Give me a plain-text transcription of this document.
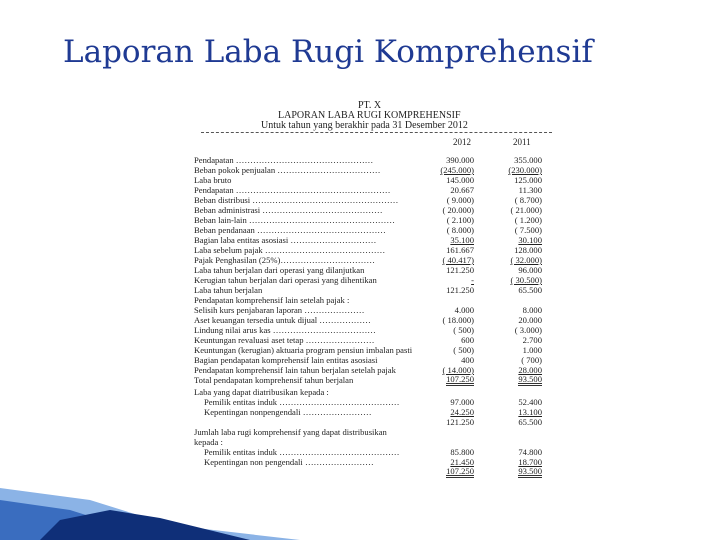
Laporan Laba Rugi Komprehensif
PT. X
LAPORAN LABA RUGI KOMPREHENSIF
Untuk tahun yang berakhir pada 31 Desember 2012
2012	2011
Pendapatan …………………………………………	390.000	355.000
Beban pokok penjualan ………………………………	(245.000)	(230.000)
Laba bruto	145.000	125.000
Pendapatan ………………………………………………	20.667	11.300
Beban distribusi ……………………………………………	( 9.000)	( 8.700)
Beban administrasi ……………………………………	( 20.000)	( 21.000)
Beban lain-lain ……………………………………………	( 2.100)	( 1.200)
Beban pendanaan ………………………………………	( 8.000)	( 7.500)
Bagian laba entitas asosiasi …………………………	35.100	30.100
Laba sebelum pajak ……………………………………	161.667	128.000
Pajak Penghasilan (25%)……………………………	( 40.417)	( 32.000)
Laba tahun berjalan dari operasi yang dilanjutkan	121.250	96.000
Kerugian tahun berjalan dari operasi yang dihentikan	-	( 30.500)
Laba tahun berjalan	121.250	65.500
Pendapatan komprehensif lain setelah pajak :
Selisih kurs penjabaran laporan …………………	4.000	8.000
Aset keuangan tersedia untuk dijual ………………	( 18.000)	20.000
Lindung nilai arus kas ………………………………	( 500)	( 3.000)
Keuntungan revaluasi aset tetap ……………………	600	2.700
Keuntungan (kerugian) aktuaria program pensiun imbalan pasti	( 500)	1.000
Bagian pendapatan komprehensif lain entitas asosiasi	400	( 700)
Pendapatan komprehensif lain tahun berjalan setelah pajak	( 14.000)	28.000
Total pendapatan komprehensif tahun berjalan	107.250	93.500
Laba yang dapat diatribusikan kepada :
Pemilik entitas induk ……………………………………	97.000	52.400
Kepentingan nonpengendali ……………………	24.250	13.100
121.250	65.500
Jumlah laba rugi komprehensif yang dapat distribusikan
kepada :
Pemilik entitas induk ……………………………………	85.800	74.800
Kepentingan non pengendali ……………………	21.450	18.700
107.250	93.500
